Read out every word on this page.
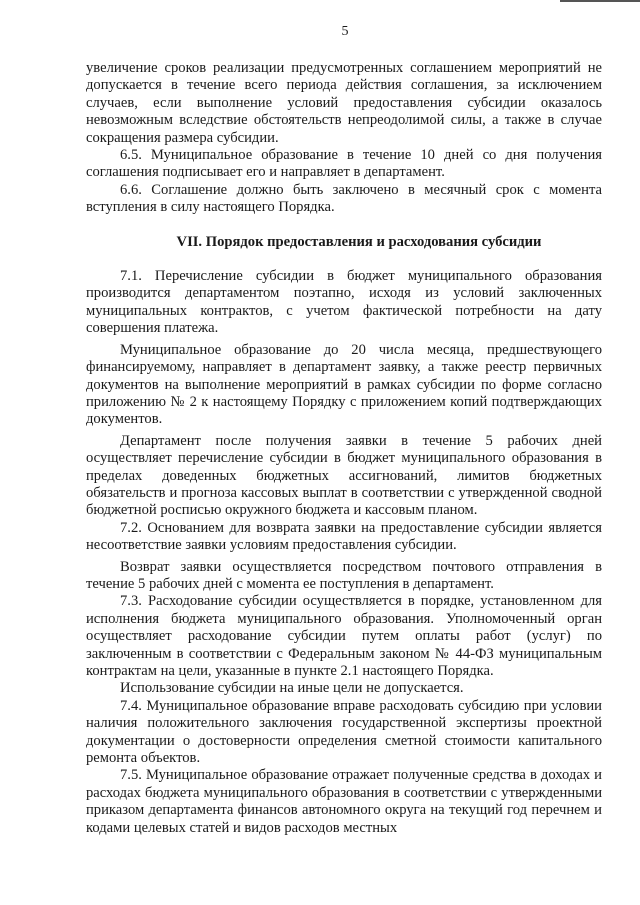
5

увеличение сроков реализации предусмотренных соглашением мероприятий не допускается в течение всего периода действия соглашения, за исключением случаев, если выполнение условий предоставления субсидии оказалось невозможным вследствие обстоятельств непреодолимой силы, а также в случае сокращения размера субсидии.

6.5. Муниципальное образование в течение 10 дней со дня получения соглашения подписывает его и направляет в департамент.

6.6. Соглашение должно быть заключено в месячный срок с момента вступления в силу настоящего Порядка.

VII. Порядок предоставления и расходования субсидии

7.1. Перечисление субсидии в бюджет муниципального образования производится департаментом поэтапно, исходя из условий заключенных муниципальных контрактов, с учетом фактической потребности на дату совершения платежа.

Муниципальное образование до 20 числа месяца, предшествующего финансируемому, направляет в департамент заявку, а также реестр первичных документов на выполнение мероприятий в рамках субсидии по форме согласно приложению № 2 к настоящему Порядку с приложением копий подтверждающих документов.

Департамент после получения заявки в течение 5 рабочих дней осуществляет перечисление субсидии в бюджет муниципального образования в пределах доведенных бюджетных ассигнований, лимитов бюджетных обязательств и прогноза кассовых выплат в соответствии с утвержденной сводной бюджетной росписью окружного бюджета и кассовым планом.

7.2. Основанием для возврата заявки на предоставление субсидии является несоответствие заявки условиям предоставления субсидии.

Возврат заявки осуществляется посредством почтового отправления в течение 5 рабочих дней с момента ее поступления в департамент.

7.3. Расходование субсидии осуществляется в порядке, установленном для исполнения бюджета муниципального образования. Уполномоченный орган осуществляет расходование субсидии путем оплаты работ (услуг) по заключенным в соответствии с Федеральным законом № 44-ФЗ муниципальным контрактам на цели, указанные в пункте 2.1 настоящего Порядка.

Использование субсидии на иные цели не допускается.

7.4. Муниципальное образование вправе расходовать субсидию при условии наличия положительного заключения государственной экспертизы проектной документации о достоверности определения сметной стоимости капитального ремонта объектов.

7.5. Муниципальное образование отражает полученные средства в доходах и расходах бюджета муниципального образования в соответствии с утвержденными приказом департамента финансов автономного округа на текущий год перечнем и кодами целевых статей и видов расходов местных
